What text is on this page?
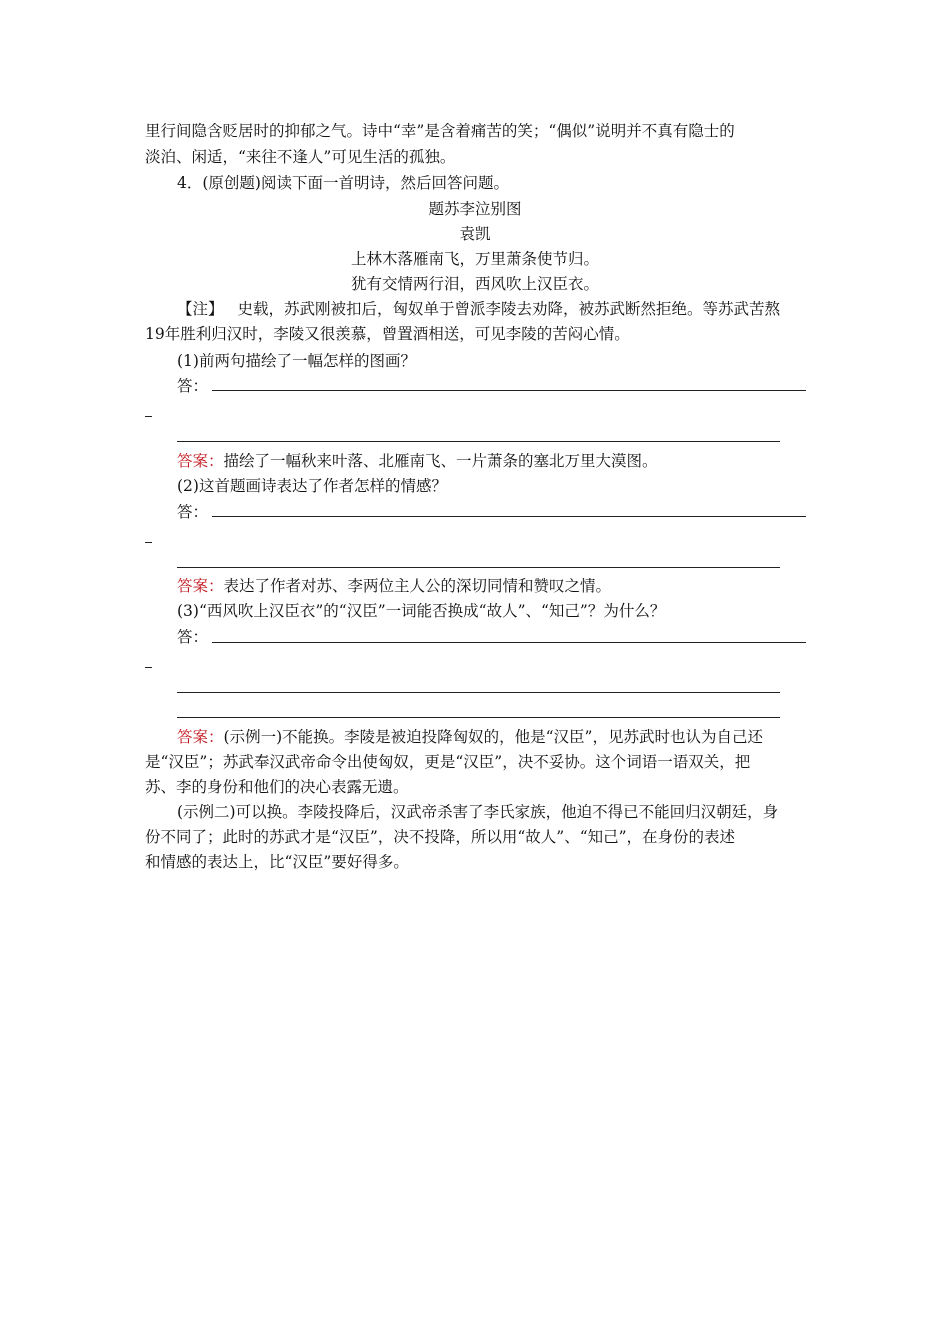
里行间隐含贬居时的抑郁之气。诗中“幸”是含着痛苦的笑；“偶似”说明并不真有隐士的
淡泊、闲适，“来往不逢人”可见生活的孤独。
4．(原创题)阅读下面一首明诗，然后回答问题。
题苏李泣别图
袁凯
上林木落雁南飞，万里萧条使节归。
犹有交情两行泪，西风吹上汉臣衣。
【注】 史载，苏武刚被扣后，匈奴单于曾派李陵去劝降，被苏武断然拒绝。等苏武苦熬
19年胜利归汉时，李陵又很羡慕，曾置酒相送，可见李陵的苦闷心情。
(1)前两句描绘了一幅怎样的图画？
答：
答案：描绘了一幅秋来叶落、北雁南飞、一片萧条的塞北万里大漠图。
(2)这首题画诗表达了作者怎样的情感？
答：
答案：表达了作者对苏、李两位主人公的深切同情和赞叹之情。
(3)“西风吹上汉臣衣”的“汉臣”一词能否换成“故人”、“知己”？为什么？
答：
答案：(示例一)不能换。李陵是被迫投降匈奴的，他是“汉臣”，见苏武时也认为自己还
是“汉臣”；苏武奉汉武帝命令出使匈奴，更是“汉臣”，决不妥协。这个词语一语双关，把
苏、李的身份和他们的决心表露无遗。
(示例二)可以换。李陵投降后，汉武帝杀害了李氏家族，他迫不得已不能回归汉朝廷，身
份不同了；此时的苏武才是“汉臣”，决不投降，所以用“故人”、“知己”，在身份的表述
和情感的表达上，比“汉臣”要好得多。
